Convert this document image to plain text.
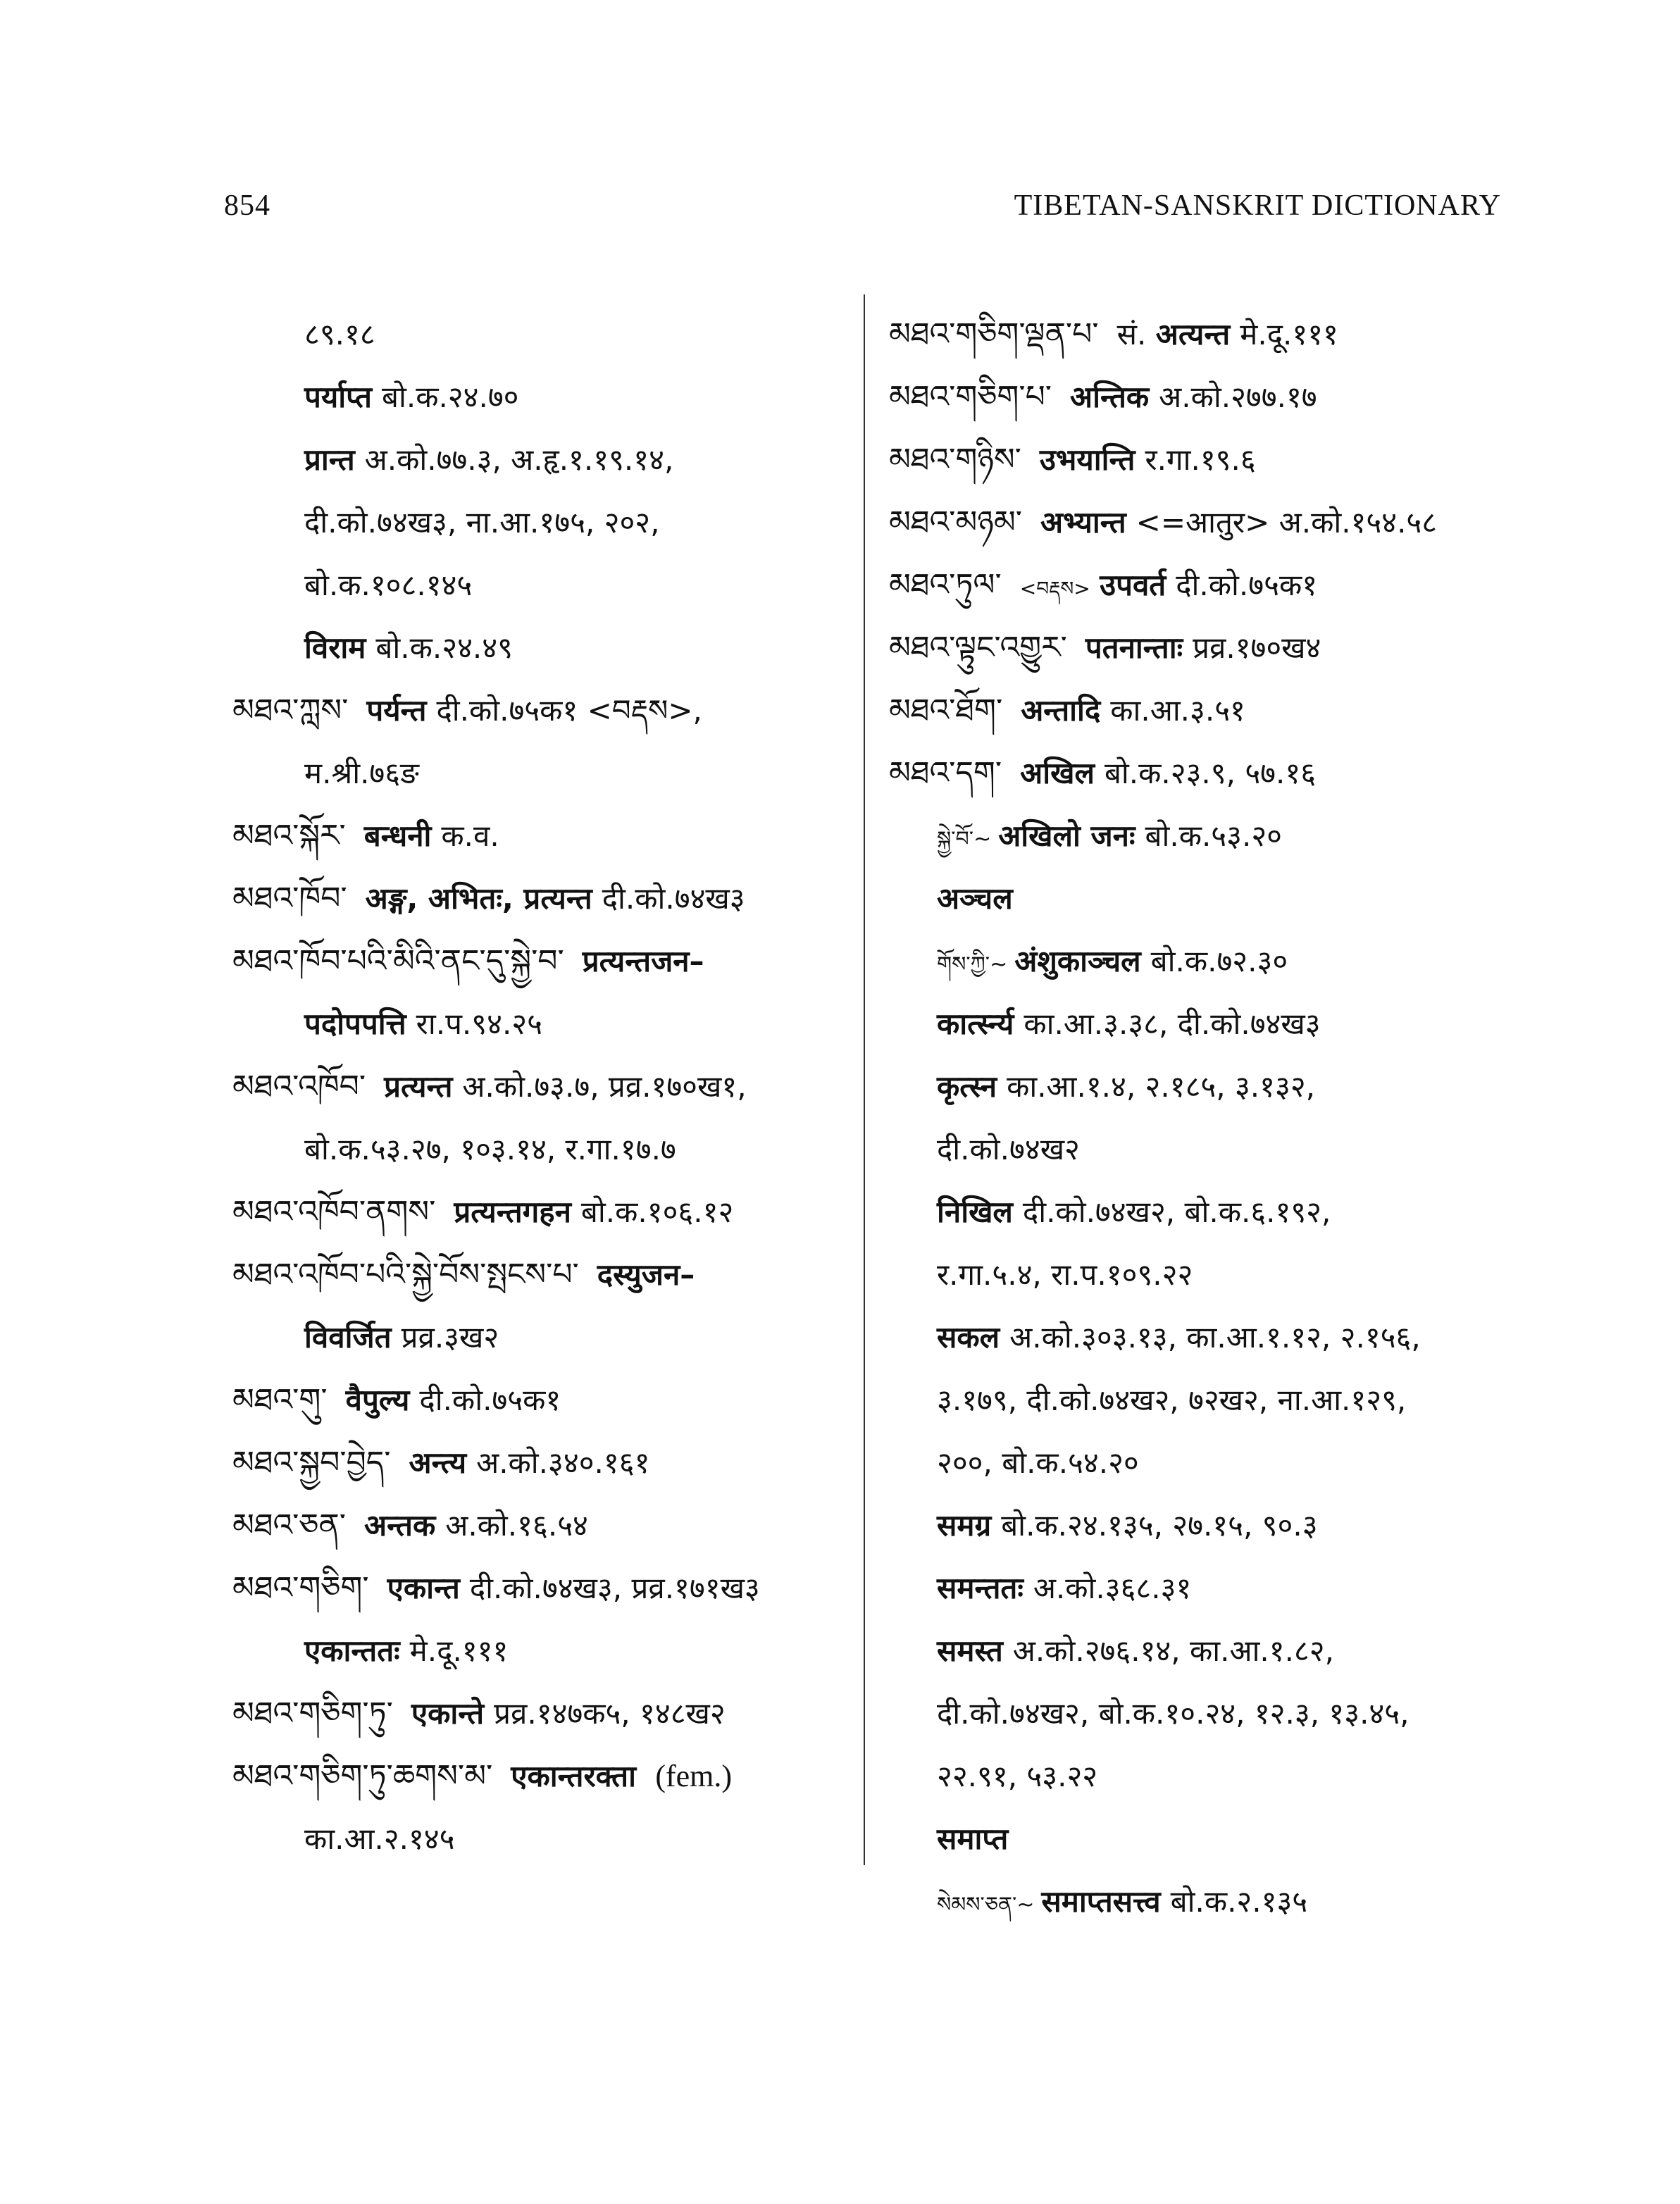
854	TIBETAN-SANSKRIT DICTIONARY
८९.१८
पर्याप्त बो.क.२४.७०
प्रान्त अ.को.७७.३, अ.हृ.१.१९.१४,
दी.को.७४ख३, ना.आ.१७५, २०२,
बो.क.१०८.१४५
विराम बो.क.२४.४९
མཐའ་ཀླས་ पर्यन्त दी.को.७५क१ <བརྡས>,
म.श्री.७६ङ
མཐའ་སྐོར་ बन्धनी क.व.
མཐའ་ཁོབ་ अङ्ग, अभितः, प्रत्यन्त दी.को.७४ख३
མཐའ་ཁོབ་པའི་མིའི་ནང་དུ་སྐྱེ་བ་ प्रत्यन्तजन–
पदोपपत्ति रा.प.९४.२५
མཐའ་འཁོབ་ प्रत्यन्त अ.को.७३.७, प्रव्र.१७०ख१,
बो.क.५३.२७, १०३.१४, र.गा.१७.७
མཐའ་འཁོབ་ནགས་ प्रत्यन्तगहन बो.क.१०६.१२
མཐའ་འཁོབ་པའི་སྐྱེ་བོས་སྤངས་པ་ दस्युजन–
विवर्जित प्रव्र.३ख२
མཐའ་གུ་ वैपुल्य दी.को.७५क१
མཐའ་སྐྱབ་བྱེད་ अन्त्य अ.को.३४०.१६१
མཐའ་ཅན་ अन्तक अ.को.१६.५४
མཐའ་གཅིག་ एकान्त दी.को.७४ख३, प्रव्र.१७१ख३
एकान्ततः मे.दू.१११
མཐའ་གཅིག་ཏུ་ एकान्ते प्रव्र.१४७क५, १४८ख२
མཐའ་གཅིག་ཏུ་ཆགས་མ་ एकान्तरक्ता (fem.)
का.आ.२.१४५
མཐའ་གཅིག་ལྡན་པ་ सं. अत्यन्त मे.दू.१११
མཐའ་གཅིག་པ་ अन्तिक अ.को.२७७.१७
མཐའ་གཉིས་ उभयान्ति र.गा.१९.६
མཐའ་མཉམ་ अभ्यान्त <=आतुर> अ.को.१५४.५८
མཐའ་ཏུལ་ <བརྡས> उपवर्त दी.को.७५क१
མཐའ་ལྟུང་འགྱུར་ पतनान्ताः प्रव्र.१७०ख४
མཐའ་ཐོག་ अन्तादि का.आ.३.५१
མཐའ་དག་ अखिल बो.क.२३.९, ५७.१६
སྐྱེ་བོ་~ अखिलो जनः बो.क.५३.२०
अञ्चल
གོས་ཀྱི་~ अंशुकाञ्चल बो.क.७२.३०
कार्त्स्न्य का.आ.३.३८, दी.को.७४ख३
कृत्स्न का.आ.१.४, २.१८५, ३.१३२,
दी.को.७४ख२
निखिल दी.को.७४ख२, बो.क.६.१९२,
र.गा.५.४, रा.प.१०९.२२
सकल अ.को.३०३.१३, का.आ.१.१२, २.१५६,
३.१७९, दी.को.७४ख२, ७२ख२, ना.आ.१२९,
२००, बो.क.५४.२०
समग्र बो.क.२४.१३५, २७.१५, ९०.३
समन्ततः अ.को.३६८.३१
समस्त अ.को.२७६.१४, का.आ.१.८२,
दी.को.७४ख२, बो.क.१०.२४, १२.३, १३.४५,
२२.९१, ५३.२२
समाप्त
སེམས་ཅན་~ समाप्तसत्त्व बो.क.२.१३५
